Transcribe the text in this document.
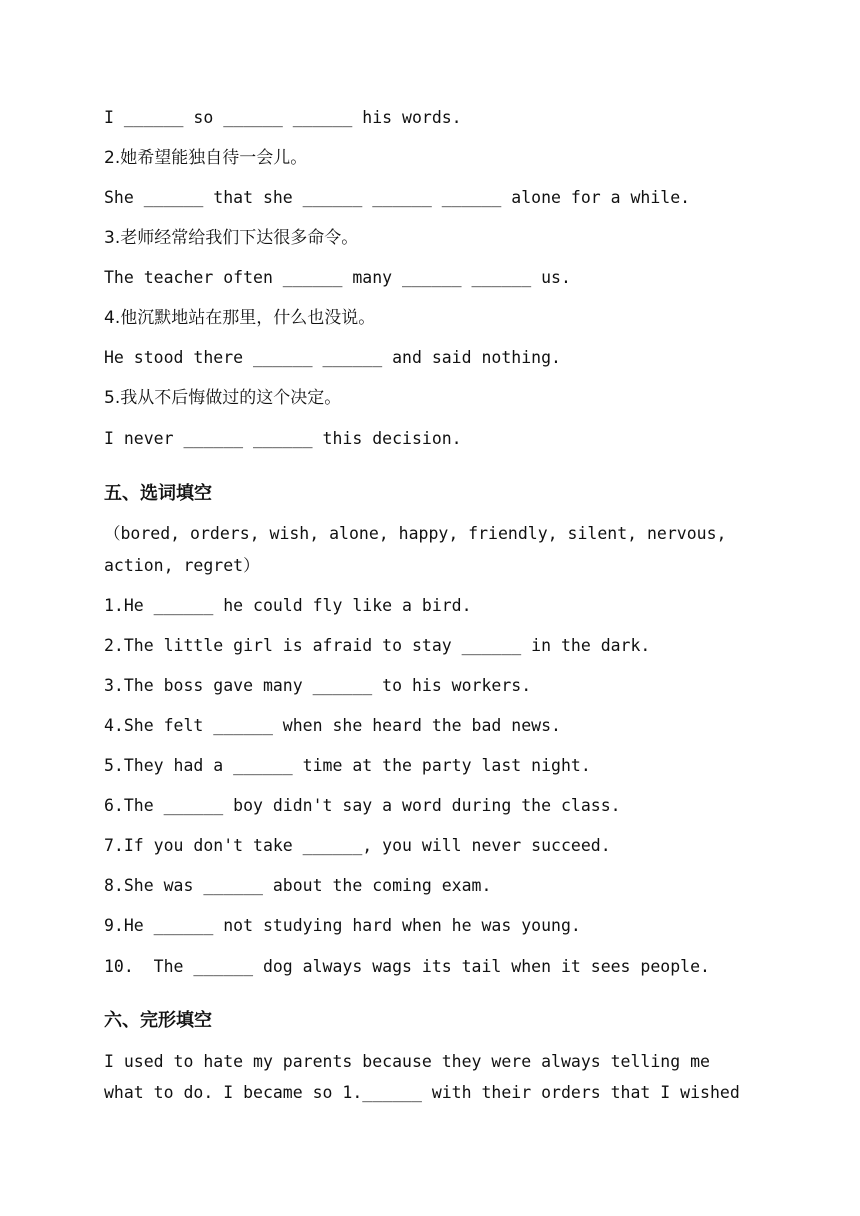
I ______ so ______ ______ his words.
2.她希望能独自待一会儿。
She ______ that she ______ ______ ______ alone for a while.
3.老师经常给我们下达很多命令。
The teacher often ______ many ______ ______ us.
4.他沉默地站在那里，什么也没说。
He stood there ______ ______ and said nothing.
5.我从不后悔做过的这个决定。
I never ______ ______ this decision.
五、选词填空
（bored, orders, wish, alone, happy, friendly, silent, nervous,
action, regret）
1.He ______ he could fly like a bird.
2.The little girl is afraid to stay ______ in the dark.
3.The boss gave many ______ to his workers.
4.She felt ______ when she heard the bad news.
5.They had a ______ time at the party last night.
6.The ______ boy didn't say a word during the class.
7.If you don't take ______, you will never succeed.
8.She was ______ about the coming exam.
9.He ______ not studying hard when he was young.
10.  The ______ dog always wags its tail when it sees people.
六、完形填空
I used to hate my parents because they were always telling me
what to do. I became so 1.______ with their orders that I wished
